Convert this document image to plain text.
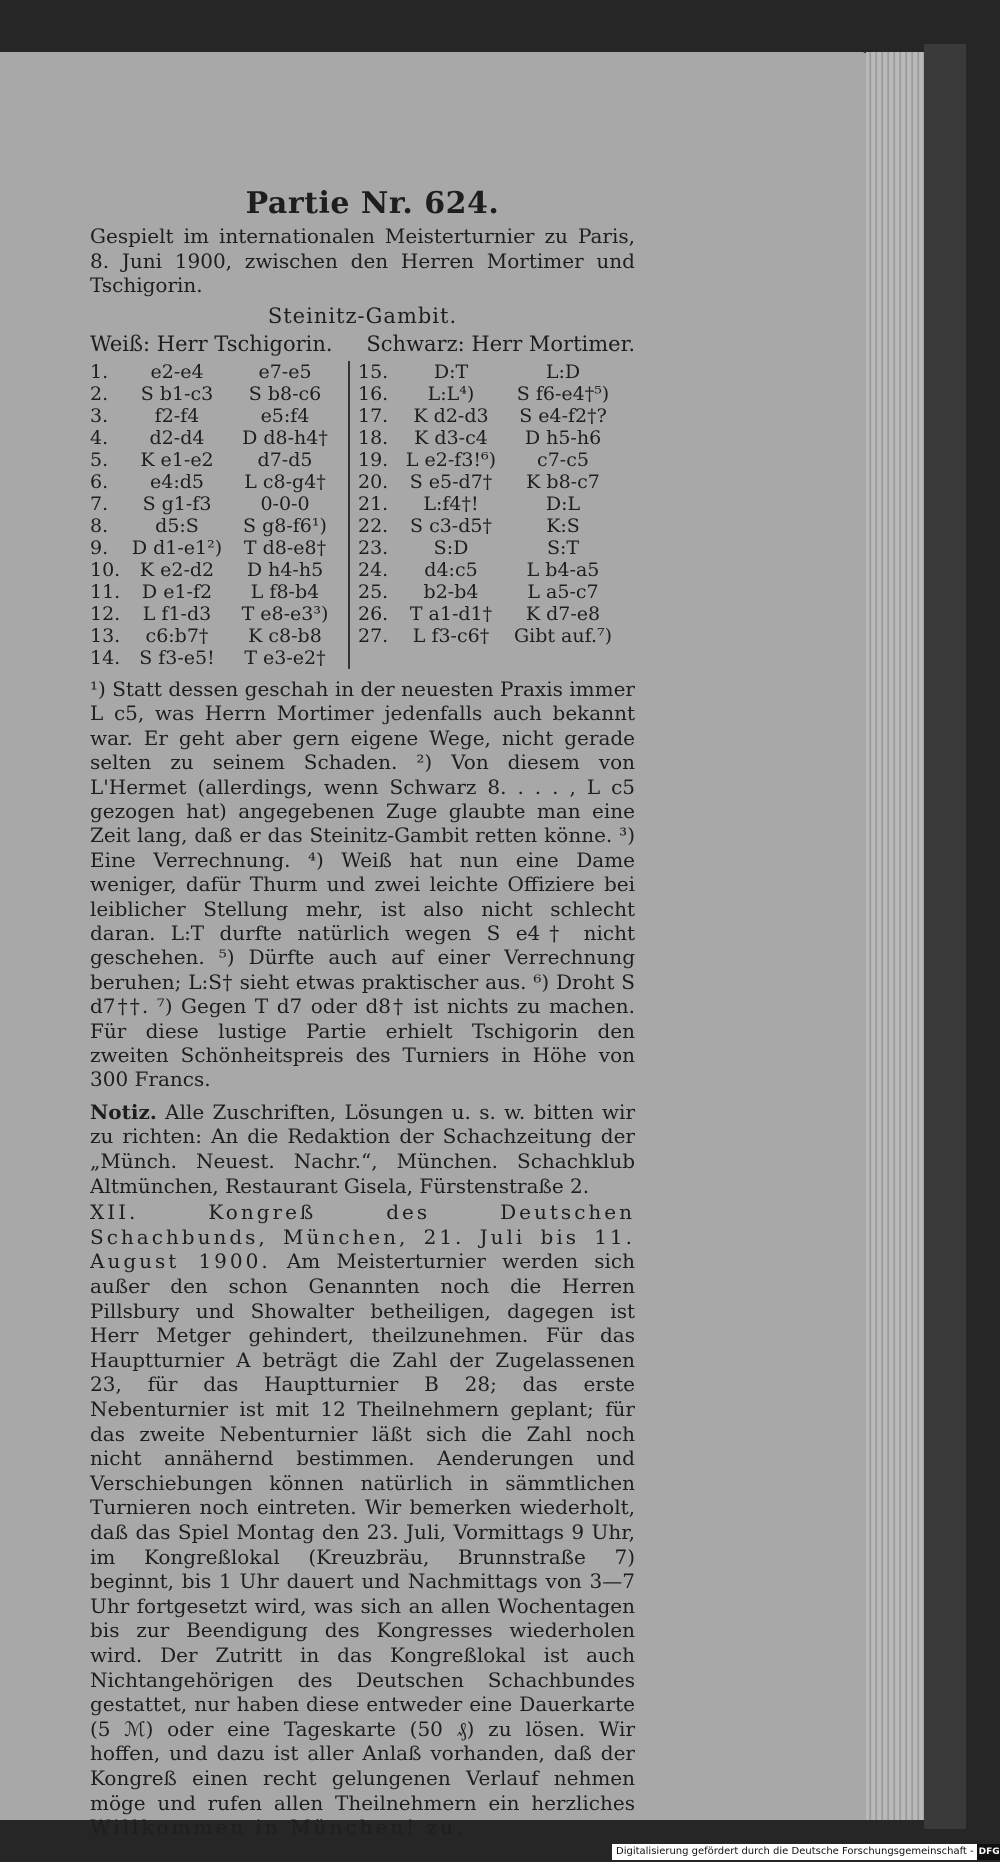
Partie Nr. 624.
Gespielt im internationalen Meisterturnier zu Paris, 8. Juni 1900, zwischen den Herren Mortimer und Tschigorin.
Steinitz-Gambit.
Weiß: Herr Tschigorin. Schwarz: Herr Mortimer.
1.	e2-e4	e7-e5
2.	S b1-c3	S b8-c6
3.	f2-f4	e5:f4
4.	d2-d4	D d8-h4†
5.	K e1-e2	d7-d5
6.	e4:d5	L c8-g4†
7.	S g1-f3	0-0-0
8.	d5:S	S g8-f6¹)
9.	D d1-e1²)	T d8-e8†
10.	K e2-d2	D h4-h5
11.	D e1-f2	L f8-b4
12.	L f1-d3	T e8-e3³)
13.	c6:b7†	K c8-b8
14. S f3-e5!	T e3-e2†
15.	D:T	L:D
16.	L:L⁴)	S f6-e4†⁵)
17.	K d2-d3	S e4-f2†?
18.	K d3-c4	D h5-h6
19. L e2-f3!⁶)	c7-c5
20.	S e5-d7†	K b8-c7
21.	L:f4†!	D:L
22.	S c3-d5†	K:S
23.	S:D	S:T
24.	d4:c5	L b4-a5
25.	b2-b4	L a5-c7
26.	T a1-d1†	K d7-e8
27.	L f3-c6†	Gibt auf.⁷)
¹) Statt dessen geschah in der neuesten Praxis immer L c5, was Herrn Mortimer jedenfalls auch bekannt war. Er geht aber gern eigene Wege, nicht gerade selten zu seinem Schaden. ²) Von diesem von L'Hermet (allerdings, wenn Schwarz 8. . . . , L c5 gezogen hat) angegebenen Zuge glaubte man eine Zeit lang, daß er das Steinitz-Gambit retten könne. ³) Eine Verrechnung. ⁴) Weiß hat nun eine Dame weniger, dafür Thurm und zwei leichte Offiziere bei leiblicher Stellung mehr, ist also nicht schlecht daran. L:T durfte natürlich wegen S e4† nicht geschehen. ⁵) Dürfte auch auf einer Verrechnung beruhen; L:S† sieht etwas praktischer aus. ⁶) Droht S d7††. ⁷) Gegen T d7 oder d8† ist nichts zu machen. Für diese lustige Partie erhielt Tschigorin den zweiten Schönheitspreis des Turniers in Höhe von 300 Francs.
Notiz. Alle Zuschriften, Lösungen u. s. w. bitten wir zu richten: An die Redaktion der Schachzeitung der „Münch. Neuest. Nachr.“, München. Schachklub Altmünchen, Restaurant Gisela, Fürstenstraße 2.
XII. Kongreß des Deutschen Schachbunds, München, 21. Juli bis 11. August 1900. Am Meisterturnier werden sich außer den schon Genannten noch die Herren Pillsbury und Showalter betheiligen, dagegen ist Herr Metger gehindert, theilzunehmen. Für das Hauptturnier A beträgt die Zahl der Zugelassenen 23, für das Hauptturnier B 28; das erste Nebenturnier ist mit 12 Theilnehmern geplant; für das zweite Nebenturnier läßt sich die Zahl noch nicht annähernd bestimmen. Aenderungen und Verschiebungen können natürlich in sämmtlichen Turnieren noch eintreten. Wir bemerken wiederholt, daß das Spiel Montag den 23. Juli, Vormittags 9 Uhr, im Kongreßlokal (Kreuzbräu, Brunnstraße 7) beginnt, bis 1 Uhr dauert und Nachmittags von 3—7 Uhr fortgesetzt wird, was sich an allen Wochentagen bis zur Beendigung des Kongresses wiederholen wird. Der Zutritt in das Kongreßlokal ist auch Nichtangehörigen des Deutschen Schachbundes gestattet, nur haben diese entweder eine Dauerkarte (5 ℳ) oder eine Tageskarte (50 ₰) zu lösen. Wir hoffen, und dazu ist aller Anlaß vorhanden, daß der Kongreß einen recht gelungenen Verlauf nehmen möge und rufen allen Theilnehmern ein herzliches Willkommen in München! zu.
Digitalisierung gefördert durch die Deutsche Forschungsgemeinschaft - DFG
